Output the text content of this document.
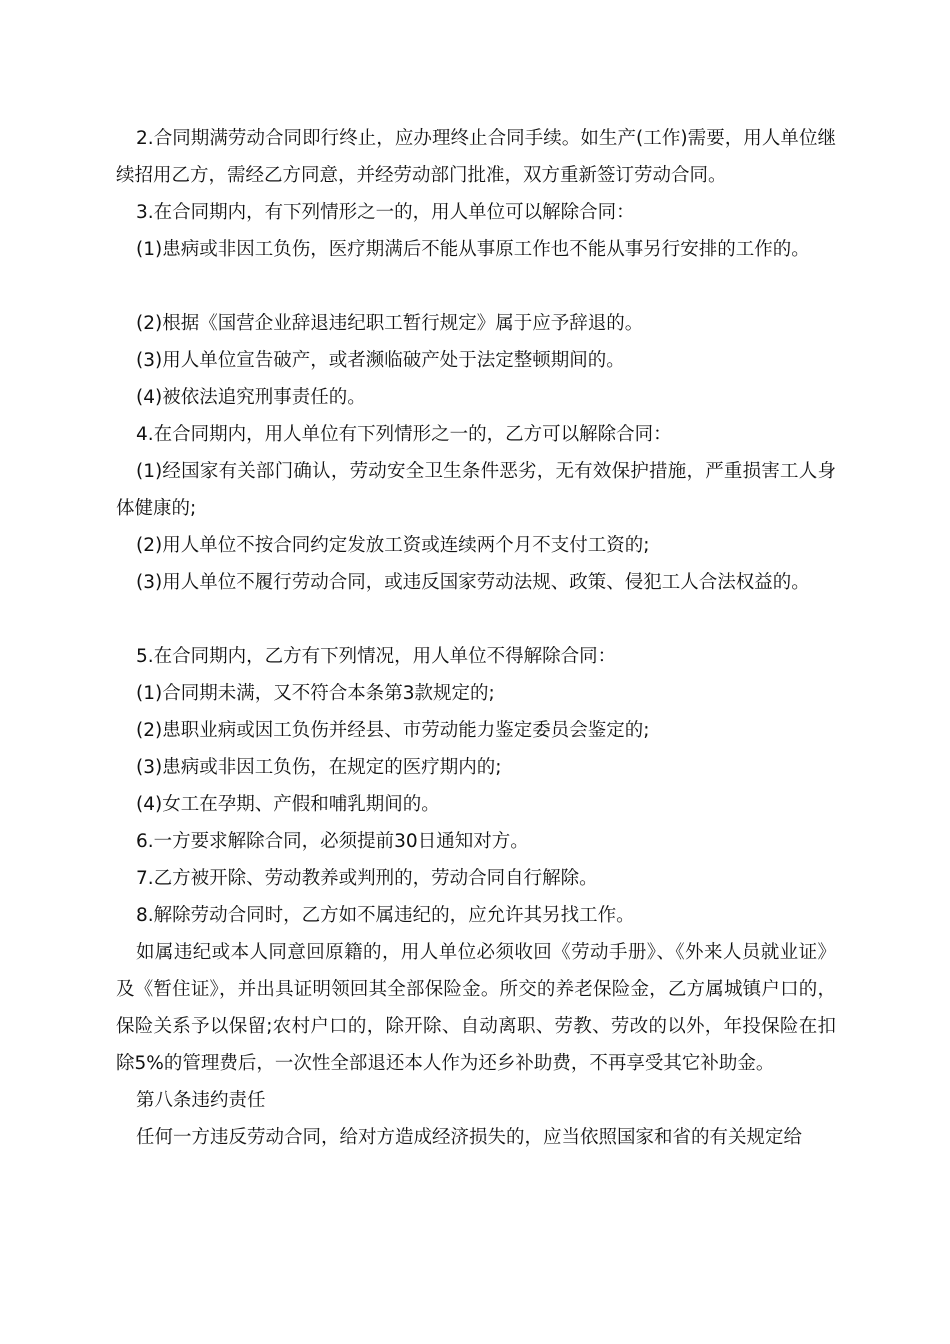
2.合同期满劳动合同即行终止，应办理终止合同手续。如生产(工作)需要，用人单位继续招用乙方，需经乙方同意，并经劳动部门批准，双方重新签订劳动合同。

3.在合同期内，有下列情形之一的，用人单位可以解除合同：

(1)患病或非因工负伤，医疗期满后不能从事原工作也不能从事另行安排的工作的。

(2)根据《国营企业辞退违纪职工暂行规定》属于应予辞退的。

(3)用人单位宣告破产，或者濒临破产处于法定整顿期间的。

(4)被依法追究刑事责任的。

4.在合同期内，用人单位有下列情形之一的，乙方可以解除合同：

(1)经国家有关部门确认，劳动安全卫生条件恶劣，无有效保护措施，严重损害工人身体健康的;

(2)用人单位不按合同约定发放工资或连续两个月不支付工资的;

(3)用人单位不履行劳动合同，或违反国家劳动法规、政策、侵犯工人合法权益的。

5.在合同期内，乙方有下列情况，用人单位不得解除合同：

(1)合同期未满，又不符合本条第3款规定的;

(2)患职业病或因工负伤并经县、市劳动能力鉴定委员会鉴定的;

(3)患病或非因工负伤，在规定的医疗期内的;

(4)女工在孕期、产假和哺乳期间的。

6.一方要求解除合同，必须提前30日通知对方。

7.乙方被开除、劳动教养或判刑的，劳动合同自行解除。

8.解除劳动合同时，乙方如不属违纪的，应允许其另找工作。

如属违纪或本人同意回原籍的，用人单位必须收回《劳动手册》、《外来人员就业证》及《暂住证》，并出具证明领回其全部保险金。所交的养老保险金，乙方属城镇户口的，保险关系予以保留;农村户口的，除开除、自动离职、劳教、劳改的以外，年投保险在扣除5%的管理费后，一次性全部退还本人作为还乡补助费，不再享受其它补助金。

第八条违约责任

任何一方违反劳动合同，给对方造成经济损失的，应当依照国家和省的有关规定给
